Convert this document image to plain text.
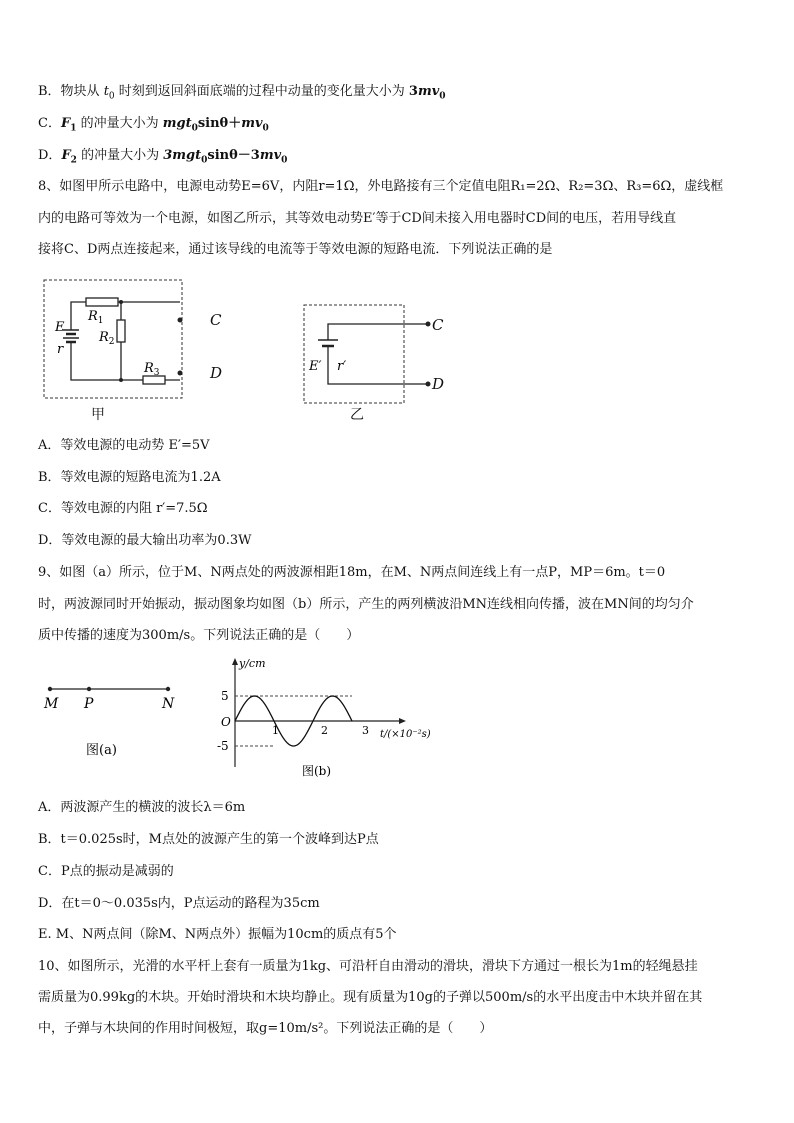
B．物块从 $t_0$ 时刻到返回斜面底端的过程中动量的变化量大小为 $3mv_0$
C．$F_1$ 的冲量大小为 $mgt_0\sin\theta+mv_0$
D．$F_2$ 的冲量大小为 $3mgt_0\sin\theta-3mv_0$
8、如图甲所示电路中，电源电动势E=6V，内阻r=1Ω，外电路接有三个定值电阻R₁=2Ω、R₂=3Ω、R₃=6Ω，虚线框
内的电路可等效为一个电源，如图乙所示，其等效电动势E′等于CD间未接入用电器时CD间的电压，若用导线直
接将C、D两点连接起来，通过该导线的电流等于等效电源的短路电流．下列说法正确的是
E
r
$R_1$
$R_2$
$R_3$
C
D
甲
E′ r′
C
D
乙
A．等效电源的电动势 E′=5V
B．等效电源的短路电流为1.2A
C．等效电源的内阻 r′=7.5Ω
D．等效电源的最大输出功率为0.3W
9、如图（a）所示，位于M、N两点处的两波源相距18m，在M、N两点间连线上有一点P，MP＝6m。t＝0
时，两波源同时开始振动，振动图象均如图（b）所示，产生的两列横波沿MN连线相向传播，波在MN间的均匀介
质中传播的速度为300m/s。下列说法正确的是（　　）
M P	N
图(a)
y/cm
t/(×10⁻²s)
O
5
-5
1	2	3
图(b)
A．两波源产生的横波的波长λ＝6m
B．t＝0.025s时，M点处的波源产生的第一个波峰到达P点
C．P点的振动是减弱的
D．在t＝0～0.035s内，P点运动的路程为35cm
E. M、N两点间（除M、N两点外）振幅为10cm的质点有5个
10、如图所示，光滑的水平杆上套有一质量为1kg、可沿杆自由滑动的滑块，滑块下方通过一根长为1m的轻绳悬挂
需质量为0.99kg的木块。开始时滑块和木块均静止。现有质量为10g的子弹以500m/s的水平出度击中木块并留在其
中，子弹与木块间的作用时间极短，取g=10m/s²。下列说法正确的是（　　）
